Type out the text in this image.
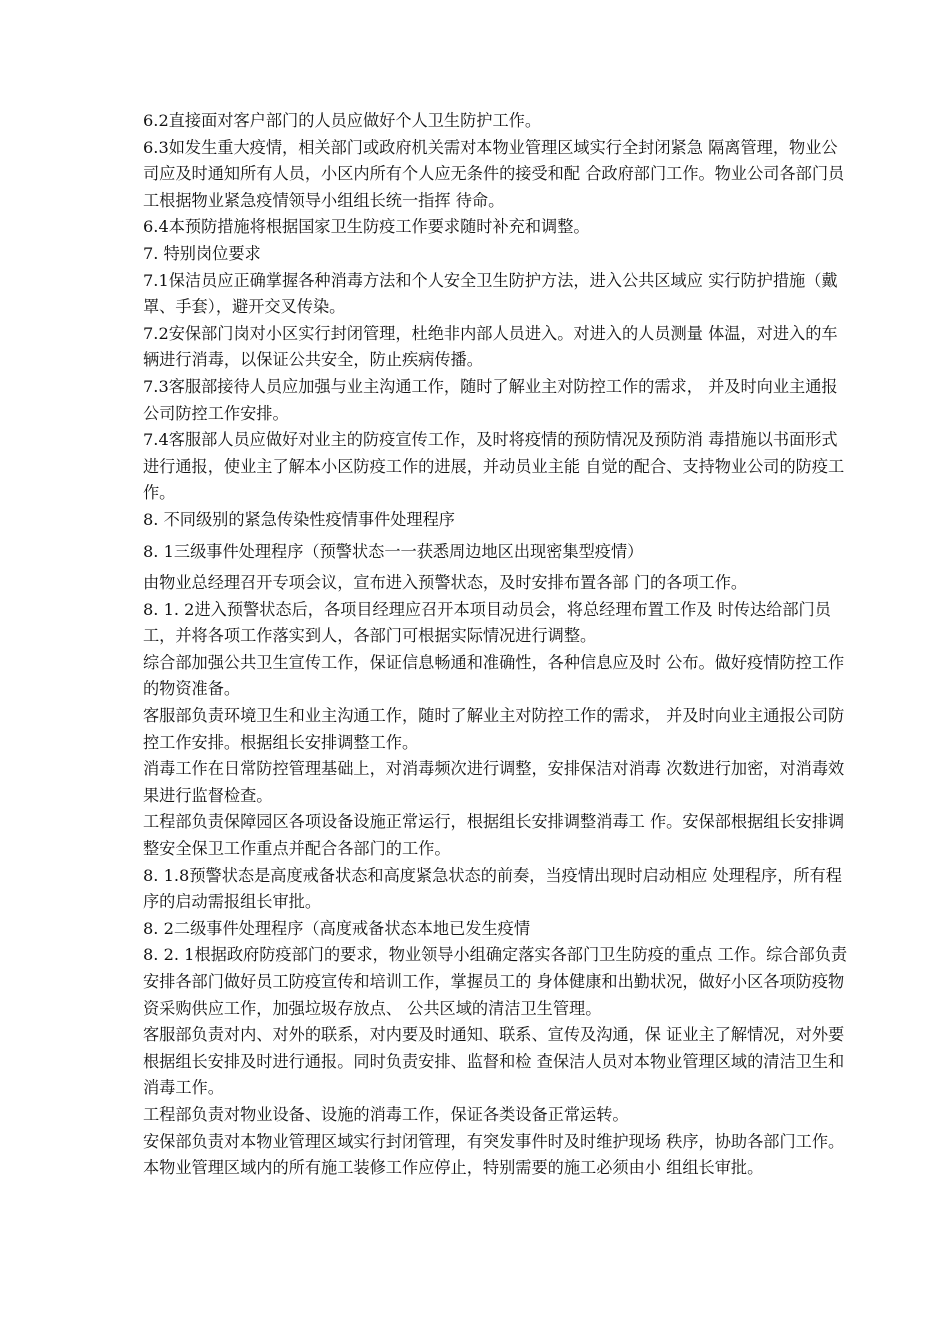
6.2直接面对客户部门的人员应做好个人卫生防护工作。

6.3如发生重大疫情，相关部门或政府机关需对本物业管理区域实行全封闭紧急 隔离管理，物业公司应及时通知所有人员，小区内所有个人应无条件的接受和配 合政府部门工作。物业公司各部门员工根据物业紧急疫情领导小组组长统一指挥 待命。

6.4本预防措施将根据国家卫生防疫工作要求随时补充和调整。

7. 特别岗位要求

7.1保洁员应正确掌握各种消毒方法和个人安全卫生防护方法，进入公共区域应 实行防护措施（戴罩、手套），避开交叉传染。

7.2安保部门岗对小区实行封闭管理，杜绝非内部人员进入。对进入的人员测量 体温，对进入的车辆进行消毒，以保证公共安全，防止疾病传播。

7.3客服部接待人员应加强与业主沟通工作，随时了解业主对防控工作的需求， 并及时向业主通报公司防控工作安排。

7.4客服部人员应做好对业主的防疫宣传工作，及时将疫情的预防情况及预防消 毒措施以书面形式进行通报，使业主了解本小区防疫工作的进展，并动员业主能 自觉的配合、支持物业公司的防疫工作。

8. 不同级别的紧急传染性疫情事件处理程序

8. 1三级事件处理程序（预警状态一一获悉周边地区出现密集型疫情）

由物业总经理召开专项会议，宣布进入预警状态，及时安排布置各部 门的各项工作。

8. 1. 2进入预警状态后，各项目经理应召开本项目动员会，将总经理布置工作及 时传达给部门员工，并将各项工作落实到人，各部门可根据实际情况进行调整。

综合部加强公共卫生宣传工作，保证信息畅通和准确性，各种信息应及时 公布。做好疫情防控工作的物资准备。

客服部负责环境卫生和业主沟通工作，随时了解业主对防控工作的需求， 并及时向业主通报公司防控工作安排。根据组长安排调整工作。

消毒工作在日常防控管理基础上，对消毒频次进行调整，安排保洁对消毒 次数进行加密，对消毒效果进行监督检查。

工程部负责保障园区各项设备设施正常运行，根据组长安排调整消毒工 作。安保部根据组长安排调整安全保卫工作重点并配合各部门的工作。

8. 1.8预警状态是高度戒备状态和高度紧急状态的前奏，当疫情出现时启动相应 处理程序，所有程序的启动需报组长审批。

8. 2二级事件处理程序（高度戒备状态本地已发生疫情

8. 2. 1根据政府防疫部门的要求，物业领导小组确定落实各部门卫生防疫的重点 工作。综合部负责安排各部门做好员工防疫宣传和培训工作，掌握员工的 身体健康和出勤状况，做好小区各项防疫物资采购供应工作，加强垃圾存放点、 公共区域的清洁卫生管理。

客服部负责对内、对外的联系，对内要及时通知、联系、宣传及沟通，保 证业主了解情况，对外要根据组长安排及时进行通报。同时负责安排、监督和检 查保洁人员对本物业管理区域的清洁卫生和消毒工作。

工程部负责对物业设备、设施的消毒工作，保证各类设备正常运转。

安保部负责对本物业管理区域实行封闭管理，有突发事件时及时维护现场 秩序，协助各部门工作。

本物业管理区域内的所有施工装修工作应停止，特别需要的施工必须由小 组组长审批。
